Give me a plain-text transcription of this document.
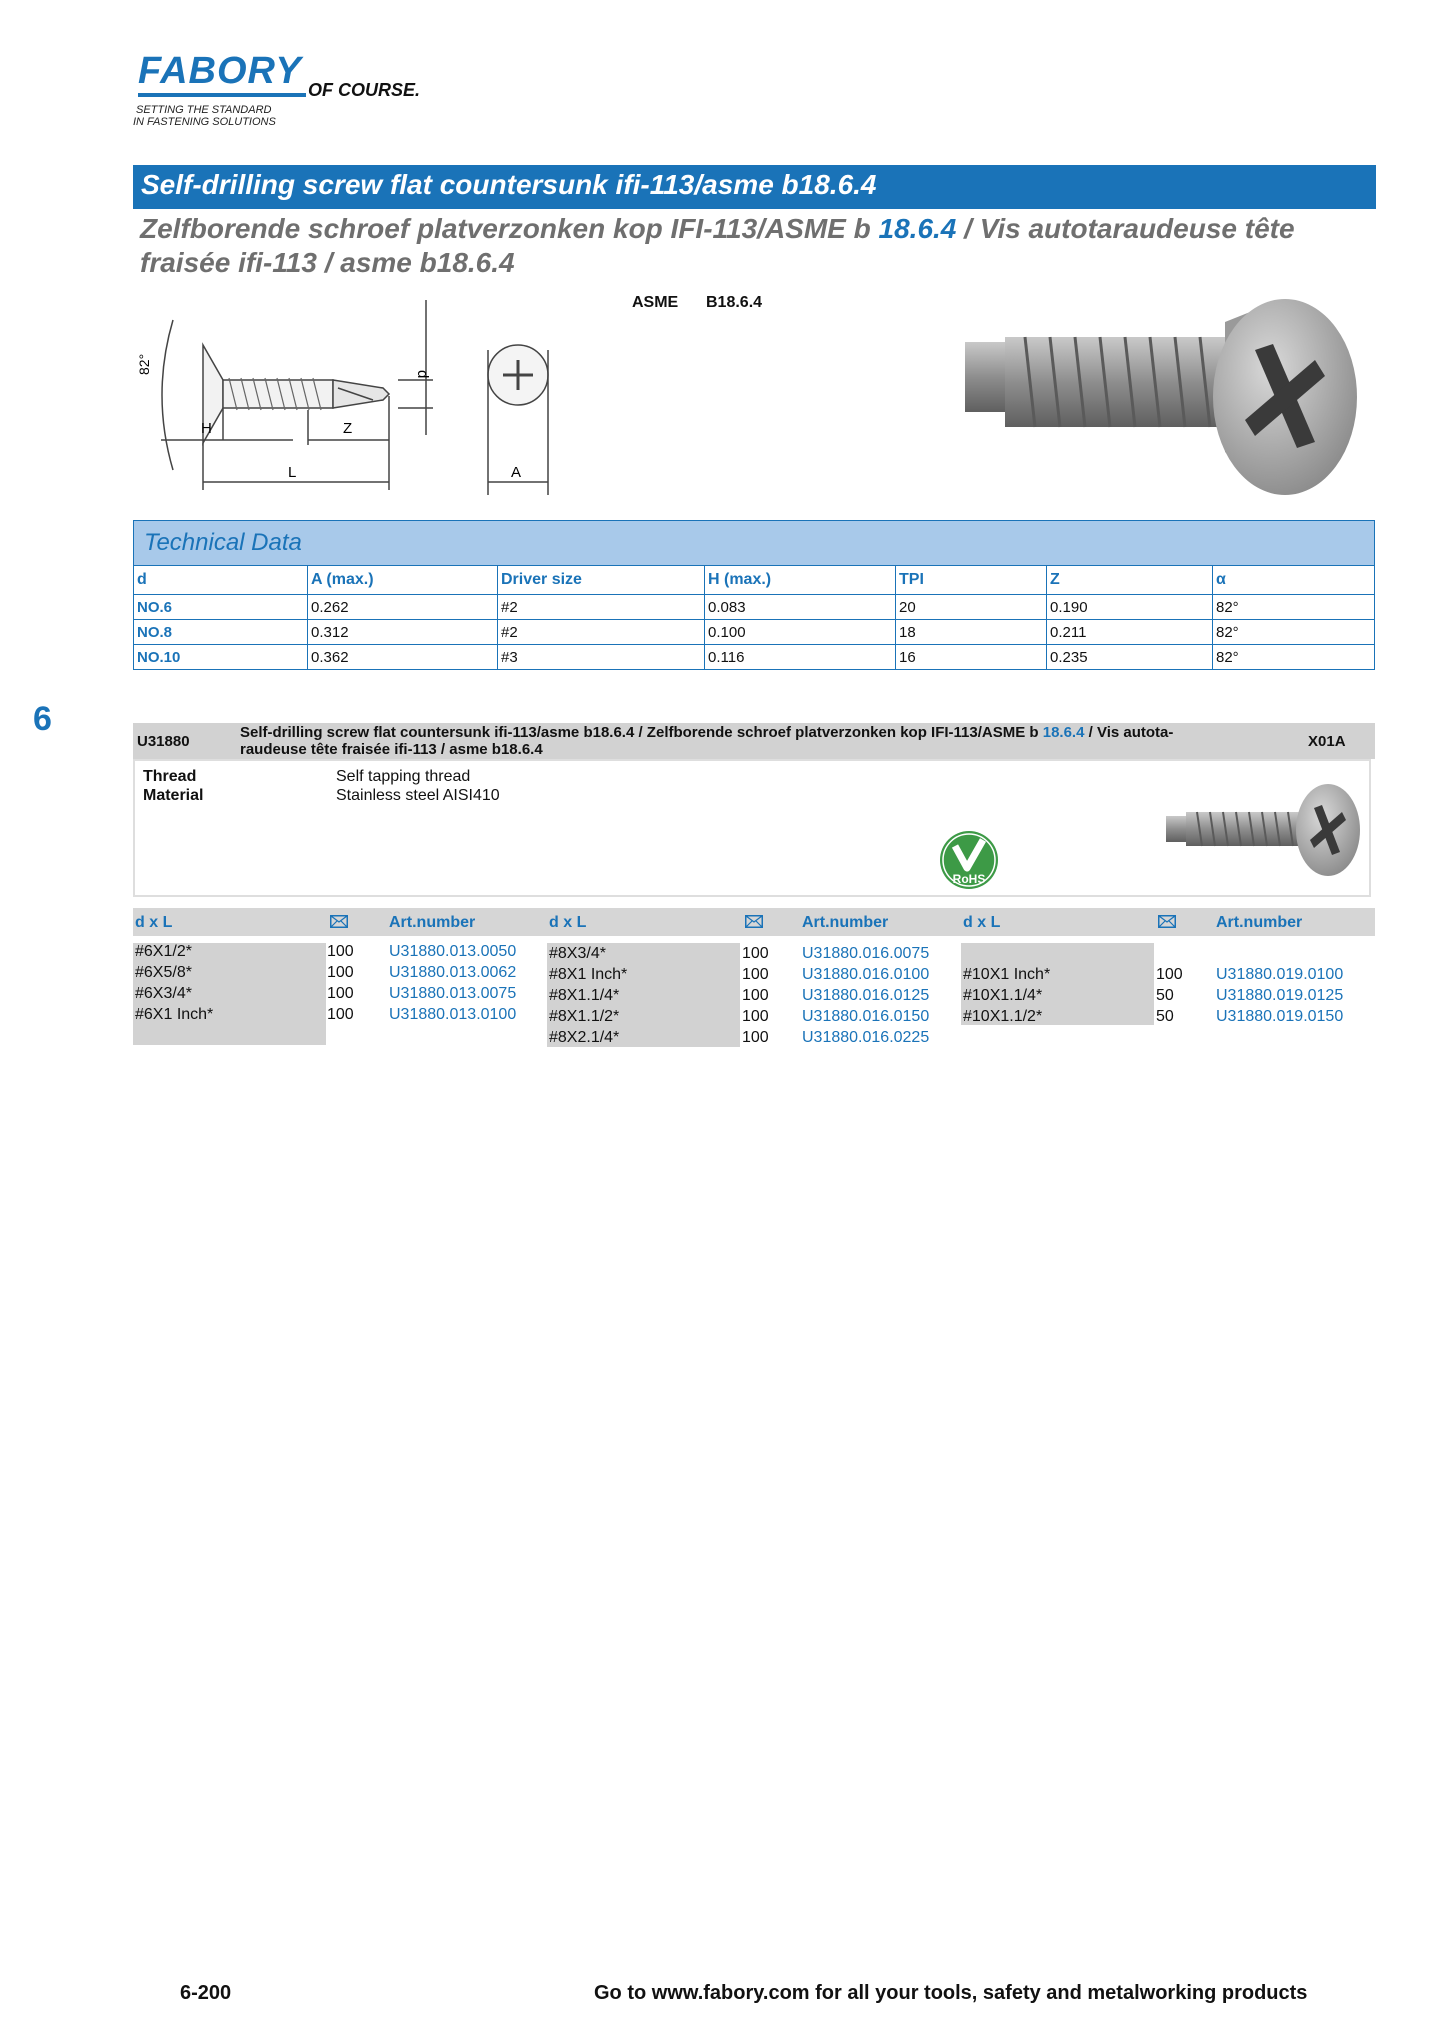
FABORY OF COURSE.
SETTING THE STANDARD
IN FASTENING SOLUTIONS
Self-drilling screw flat countersunk ifi-113/asme b18.6.4
Zelfborende schroef platverzonken kop IFI-113/ASME b 18.6.4 / Vis autotaraudeuse tête fraisée ifi-113 / asme b18.6.4
82°
H	Z
L
d
A
ASME B18.6.4
Technical Data						
d	A (max.)	Driver size	H (max.)	TPI	Z	α
NO.6	0.262	#2	0.083	20	0.190	82°
NO.8	0.312	#2	0.100	18	0.211	82°
NO.10	0.362	#3	0.116	16	0.235	82°
6
U31880
Self-drilling screw flat countersunk ifi-113/asme b18.6.4 / Zelfborende schroef platverzonken kop IFI-113/ASME b 18.6.4 / Vis autota-
raudeuse tête fraisée ifi-113 / asme b18.6.4	X01A
Thread	Self tapping thread
Material	Stainless steel AISI410
RoHS
d x L	Art.number	d x L	Art.number	d x L	Art.number
#6X1/2*	100 U31880.013.0050
#6X5/8*	100 U31880.013.0062
#6X3/4*	100 U31880.013.0075
#6X1 Inch*	100 U31880.013.0100
#8X3/4*	100 U31880.016.0075
#8X1 Inch*	100 U31880.016.0100
#8X1.1/4*	100 U31880.016.0125
#8X1.1/2*	100 U31880.016.0150
#8X2.1/4*	100 U31880.016.0225
#10X1 Inch*	100 U31880.019.0100
#10X1.1/4*	50	U31880.019.0125
#10X1.1/2*	50	U31880.019.0150
6-200	Go to www.fabory.com for all your tools, safety and metalworking products
